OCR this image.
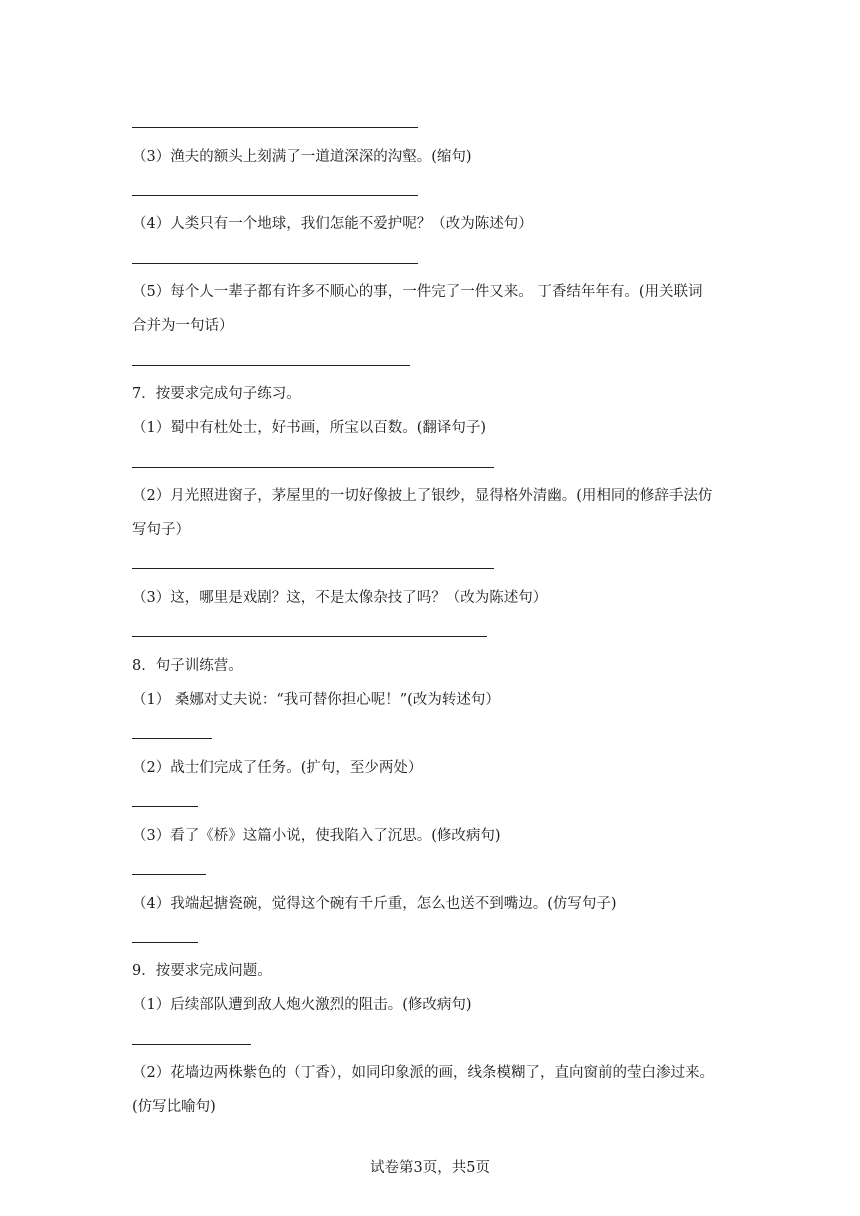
（3）渔夫的额头上刻满了一道道深深的沟壑。(缩句)
（4）人类只有一个地球，我们怎能不爱护呢？（改为陈述句）
（5）每个人一辈子都有许多不顺心的事，一件完了一件又来。 丁香结年年有。(用关联词
合并为一句话）
7．按要求完成句子练习。
（1）蜀中有杜处士，好书画，所宝以百数。(翻译句子)
（2）月光照进窗子，茅屋里的一切好像披上了银纱，显得格外清幽。(用相同的修辞手法仿
写句子）
（3）这，哪里是戏剧？这，不是太像杂技了吗？（改为陈述句）
8．句子训练营。
（1） 桑娜对丈夫说：“我可替你担心呢！”(改为转述句）
（2）战士们完成了任务。(扩句，至少两处）
（3）看了《桥》这篇小说，使我陷入了沉思。(修改病句)
（4）我端起搪瓷碗，觉得这个碗有千斤重，怎么也送不到嘴边。(仿写句子)
9．按要求完成问题。
（1）后续部队遭到敌人炮火激烈的阻击。(修改病句)
（2）花墙边两株紫色的（丁香），如同印象派的画，线条模糊了，直向窗前的莹白渗过来。
(仿写比喻句)
试卷第3页，共5页
